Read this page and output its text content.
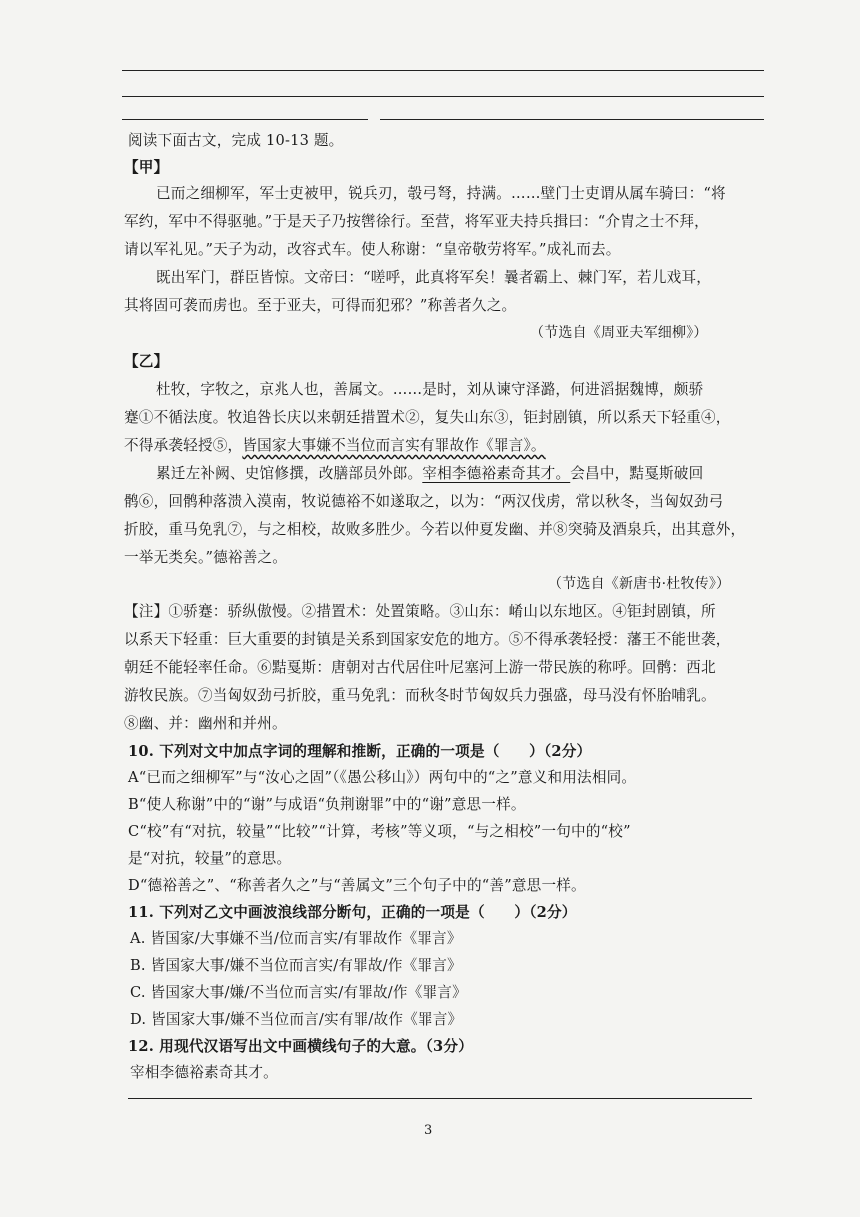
阅读下面古文，完成 10-13 题。
【甲】
已而之细柳军，军士吏被甲，锐兵刃，彀弓弩，持满。……壁门士吏谓从属车骑曰：“将
军约，军中不得驱驰。”于是天子乃按辔徐行。至营，将军亚夫持兵揖曰：“介胄之士不拜，
请以军礼见。”天子为动，改容式车。使人称谢：“皇帝敬劳将军。”成礼而去。
既出军门，群臣皆惊。文帝曰：“嗟呼，此真将军矣！曩者霸上、棘门军，若儿戏耳，
其将固可袭而虏也。至于亚夫，可得而犯邪？”称善者久之。
（节选自《周亚夫军细柳》）
【乙】
杜牧，字牧之，京兆人也，善属文。……是时，刘从谏守泽潞，何进滔据魏博，颇骄
蹇①不循法度。牧追咎长庆以来朝廷措置术②，复失山东③，钜封剧镇，所以系天下轻重④，
不得承袭轻授⑤，皆国家大事嫌不当位而言实有罪故作《罪言》。
累迁左补阙、史馆修撰，改膳部员外郎。宰相李德裕素奇其才。会昌中，黠戛斯破回
鹘⑥，回鹘种落溃入漠南，牧说德裕不如遂取之，以为：“两汉伐虏，常以秋冬，当匈奴劲弓
折胶，重马免乳⑦，与之相校，故败多胜少。今若以仲夏发幽、并⑧突骑及酒泉兵，出其意外，
一举无类矣。”德裕善之。
（节选自《新唐书·杜牧传》）
【注】①骄蹇：骄纵傲慢。②措置术：处置策略。③山东：崤山以东地区。④钜封剧镇，所
以系天下轻重：巨大重要的封镇是关系到国家安危的地方。⑤不得承袭轻授：藩王不能世袭，
朝廷不能轻率任命。⑥黠戛斯：唐朝对古代居住叶尼塞河上游一带民族的称呼。回鹘：西北
游牧民族。⑦当匈奴劲弓折胶，重马免乳：而秋冬时节匈奴兵力强盛，母马没有怀胎哺乳。
⑧幽、并：幽州和并州。
10. 下列对文中加点字词的理解和推断，正确的一项是（　　）（2分）
A“已而之细柳军”与“汝心之固”（《愚公移山》）两句中的“之”意义和用法相同。
B“使人称谢”中的“谢”与成语“负荆谢罪”中的“谢”意思一样。
C“校”有“对抗，较量”“比较”“计算，考核”等义项，“与之相校”一句中的“校”
是“对抗，较量”的意思。
D“德裕善之”、“称善者久之”与“善属文”三个句子中的“善”意思一样。
11. 下列对乙文中画波浪线部分断句，正确的一项是（　　）（2分）
A. 皆国家/大事嫌不当/位而言实/有罪故作《罪言》
B. 皆国家大事/嫌不当位而言实/有罪故/作《罪言》
C. 皆国家大事/嫌/不当位而言实/有罪故/作《罪言》
D. 皆国家大事/嫌不当位而言/实有罪/故作《罪言》
12. 用现代汉语写出文中画横线句子的大意。（3分）
宰相李德裕素奇其才。
3
